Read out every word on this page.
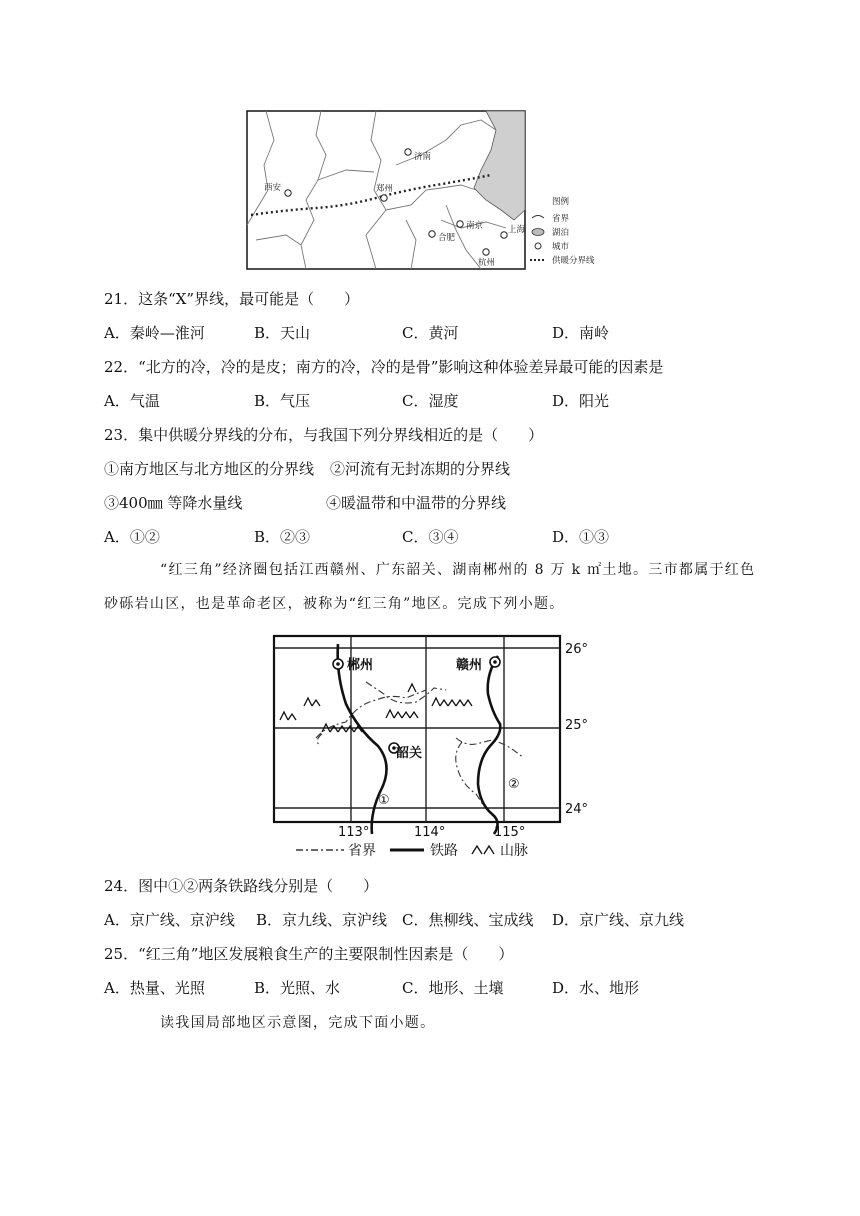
济南
西安	郑州
南京
合肥
上海
杭州
图例
省界
湖泊
城市
供暖分界线
21．这条“X”界线，最可能是（　　）
A．秦岭—淮河	B．天山	C．黄河	D．南岭
22．“北方的冷，冷的是皮；南方的冷，冷的是骨”影响这种体验差异最可能的因素是
A．气温	B．气压	C．湿度	D．阳光
23．集中供暖分界线的分布，与我国下列分界线相近的是（　　）
①南方地区与北方地区的分界线 ②河流有无封冻期的分界线
③400㎜ 等降水量线	④暖温带和中温带的分界线
A．①②	B．②③	C．③④	D．①③
“红三角”经济圈包括江西赣州、广东韶关、湖南郴州的 8 万 k ㎡土地。三市都属于红色
砂砾岩山区，也是革命老区，被称为“红三角”地区。完成下列小题。
郴州	赣州
韶关
①
②
26°
25°
24°
113°	114°	115°
省界	铁路	山脉
24．图中①②两条铁路线分别是（　　）
A．京广线、京沪线 B．京九线、京沪线 C．焦柳线、宝成线 D．京广线、京九线
25．“红三角”地区发展粮食生产的主要限制性因素是（　　）
A．热量、光照	B．光照、水	C．地形、土壤	D．水、地形
读我国局部地区示意图，完成下面小题。
